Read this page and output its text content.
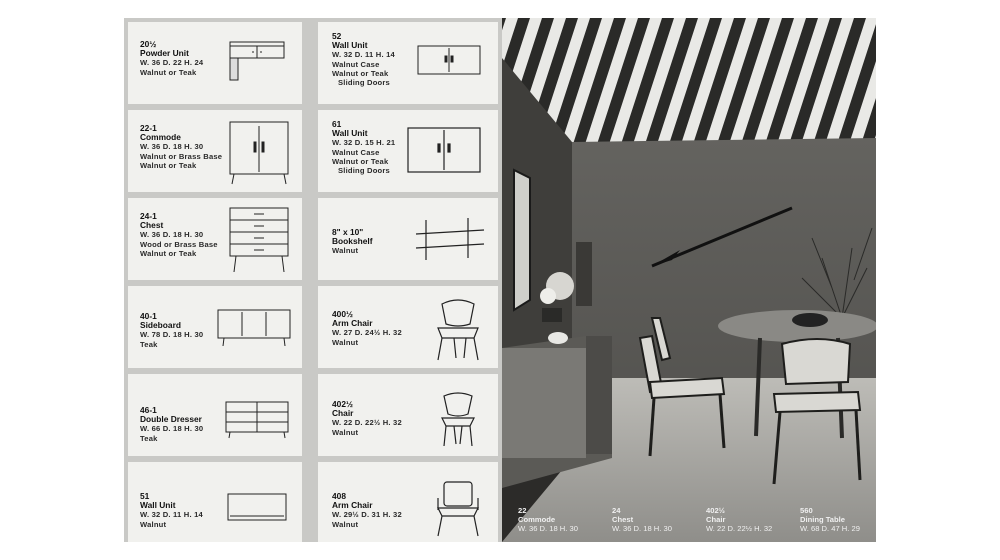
20½
Powder Unit
W. 36 D. 22 H. 24
Walnut or Teak
22-1
Commode
W. 36 D. 18 H. 30
Walnut or Brass Base
Walnut or Teak
24-1
Chest
W. 36 D. 18 H. 30
Wood or Brass Base
Walnut or Teak
40-1
Sideboard
W. 78 D. 18 H. 30
Teak
46-1
Double Dresser
W. 66 D. 18 H. 30
Teak
51
Wall Unit
W. 32 D. 11 H. 14
Walnut
52
Wall Unit
W. 32 D. 11 H. 14
Walnut Case
Walnut or Teak
Sliding Doors
61
Wall Unit
W. 32 D. 15 H. 21
Walnut Case
Walnut or Teak
Sliding Doors
8" x 10"
Bookshelf
Walnut
400½
Arm Chair
W. 27 D. 24½ H. 32
Walnut
402½
Chair
W. 22 D. 22½ H. 32
Walnut
408
Arm Chair
W. 29½ D. 31 H. 32
Walnut
22
Commode
W. 36 D. 18 H. 30
24
Chest
W. 36 D. 18 H. 30
402½
Chair
W. 22 D. 22½ H. 32
560
Dining Table
W. 68 D. 47 H. 29
